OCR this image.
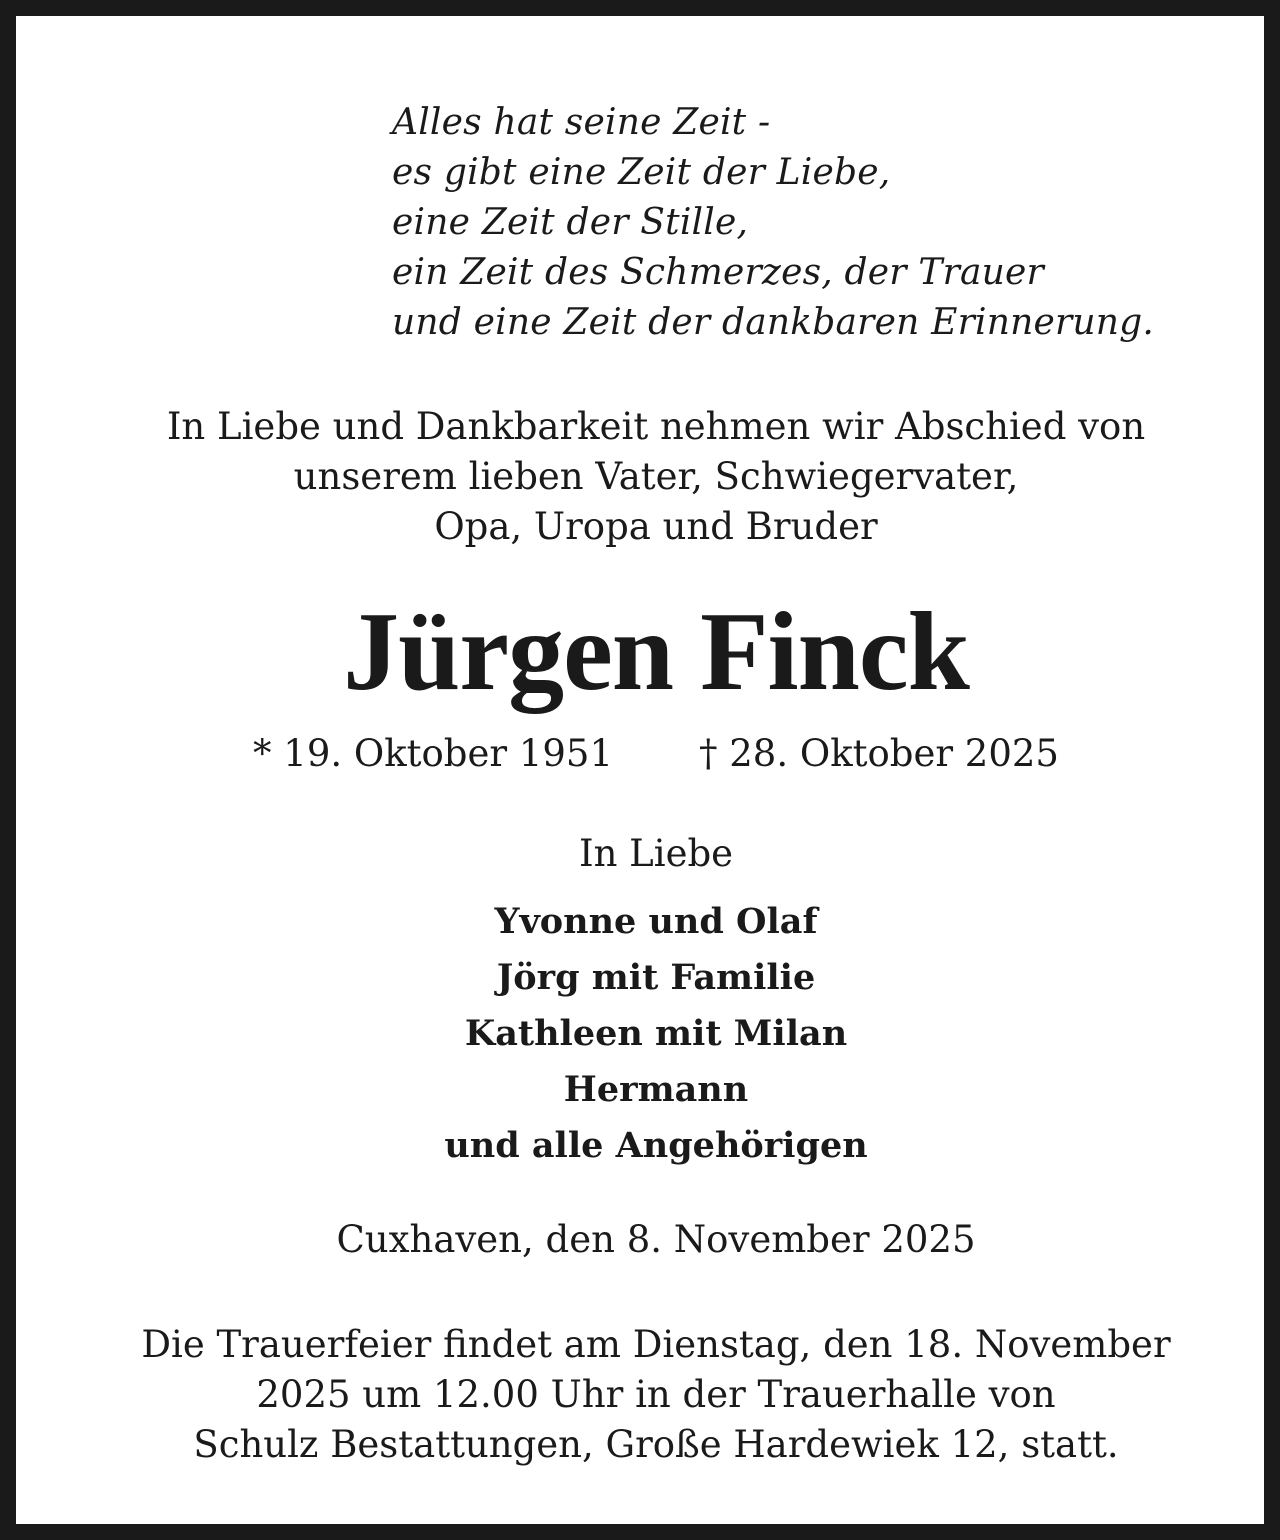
Alles hat seine Zeit -
es gibt eine Zeit der Liebe,
eine Zeit der Stille,
ein Zeit des Schmerzes, der Trauer
und eine Zeit der dankbaren Erinnerung.
In Liebe und Dankbarkeit nehmen wir Abschied von
unserem lieben Vater, Schwiegervater,
Opa, Uropa und Bruder
Jürgen Finck
* 19. Oktober 1951 † 28. Oktober 2025
In Liebe
Yvonne und Olaf
Jörg mit Familie
Kathleen mit Milan
Hermann
und alle Angehörigen
Cuxhaven, den 8. November 2025
Die Trauerfeier findet am Dienstag, den 18. November
2025 um 12.00 Uhr in der Trauerhalle von
Schulz Bestattungen, Große Hardewiek 12, statt.
